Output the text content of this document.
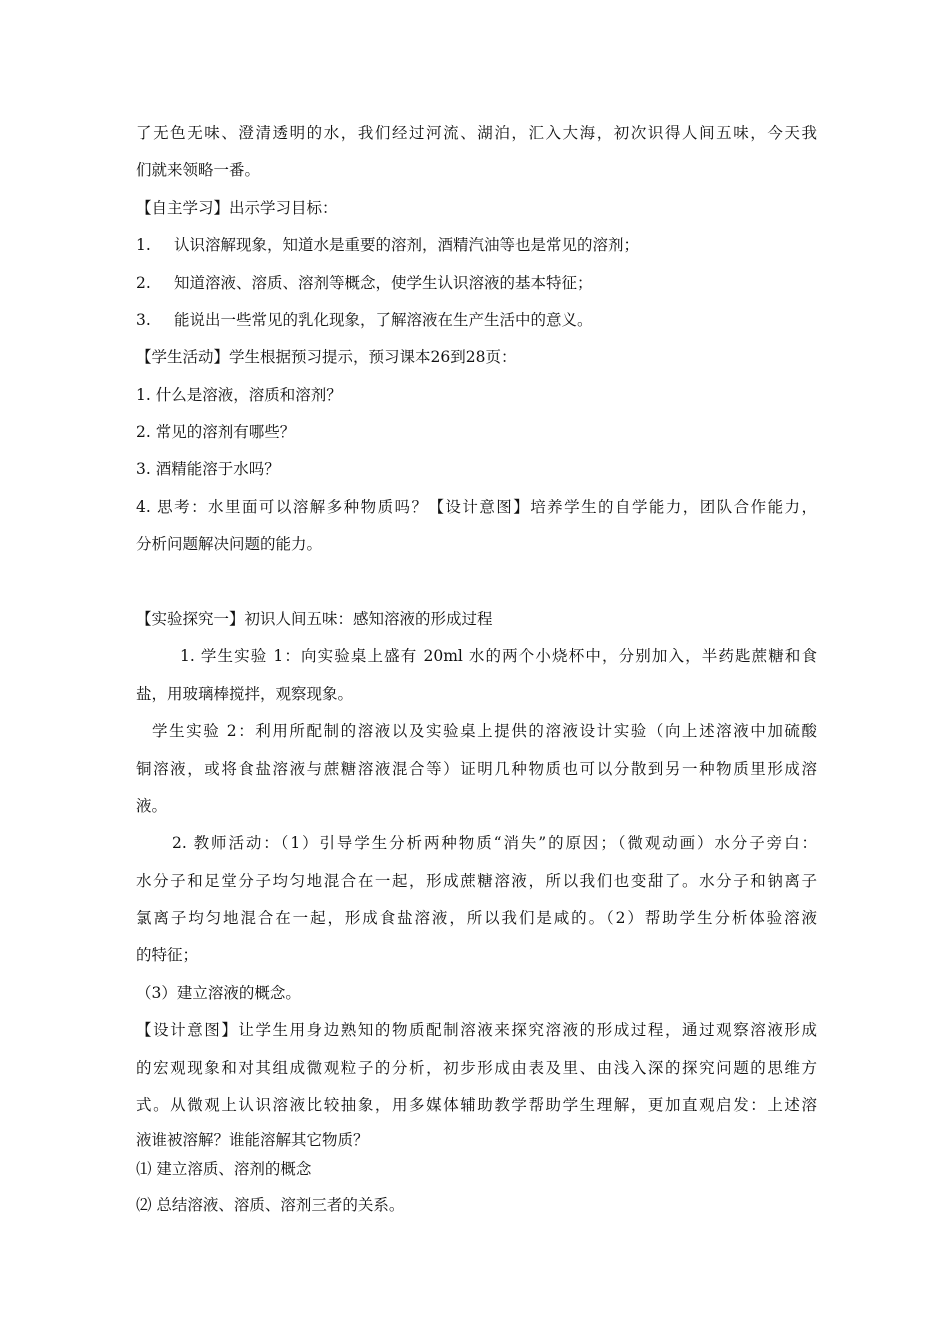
了无色无味、澄清透明的水，我们经过河流、湖泊，汇入大海，初次识得人间五味，今天我
们就来领略一番。
【自主学习】出示学习目标：
1. 认识溶解现象，知道水是重要的溶剂，酒精汽油等也是常见的溶剂；
2. 知道溶液、溶质、溶剂等概念，使学生认识溶液的基本特征；
3. 能说出一些常见的乳化现象，了解溶液在生产生活中的意义。
【学生活动】学生根据预习提示，预习课本26到28页：
1. 什么是溶液，溶质和溶剂？
2. 常见的溶剂有哪些？
3. 酒精能溶于水吗？
4. 思考：水里面可以溶解多种物质吗？【设计意图】培养学生的自学能力，团队合作能力，
分析问题解决问题的能力。
【实验探究一】初识人间五味：感知溶液的形成过程
1. 学生实验 1：向实验桌上盛有 20ml 水的两个小烧杯中，分别加入，半药匙蔗糖和食
盐，用玻璃棒搅拌，观察现象。
学生实验 2：利用所配制的溶液以及实验桌上提供的溶液设计实验（向上述溶液中加硫酸
铜溶液，或将食盐溶液与蔗糖溶液混合等）证明几种物质也可以分散到另一种物质里形成溶
液。
2. 教师活动：（1）引导学生分析两种物质“消失”的原因；（微观动画）水分子旁白：
水分子和足堂分子均匀地混合在一起，形成蔗糖溶液，所以我们也变甜了。水分子和钠离子
氯离子均匀地混合在一起，形成食盐溶液，所以我们是咸的。（2）帮助学生分析体验溶液
的特征；
（3）建立溶液的概念。
【设计意图】让学生用身边熟知的物质配制溶液来探究溶液的形成过程，通过观察溶液形成
的宏观现象和对其组成微观粒子的分析，初步形成由表及里、由浅入深的探究问题的思维方
式。从微观上认识溶液比较抽象，用多媒体辅助教学帮助学生理解，更加直观启发：上述溶
液谁被溶解？谁能溶解其它物质？
⑴ 建立溶质、溶剂的概念
⑵ 总结溶液、溶质、溶剂三者的关系。
